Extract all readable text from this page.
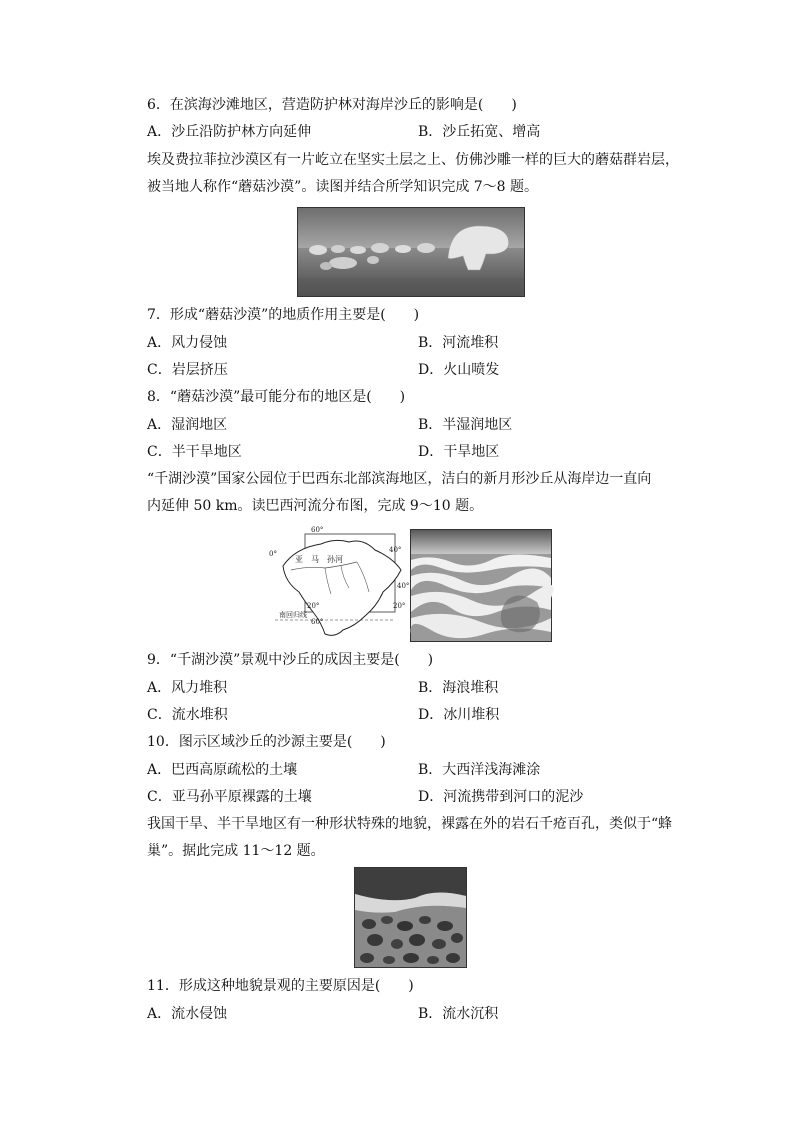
6．在滨海沙滩地区，营造防护林对海岸沙丘的影响是(　　)
A．沙丘沿防护林方向延伸	B．沙丘拓宽、增高
埃及费拉菲拉沙漠区有一片屹立在坚实土层之上、仿佛沙雕一样的巨大的蘑菇群岩层，
被当地人称作“蘑菇沙漠”。读图并结合所学知识完成 7～8 题。
7．形成“蘑菇沙漠”的地质作用主要是(　　)
A．风力侵蚀	B．河流堆积
C．岩层挤压	D．火山喷发
8．“蘑菇沙漠”最可能分布的地区是(　　)
A．湿润地区	B．半湿润地区
C．半干旱地区	D．干旱地区
“千湖沙漠”国家公园位于巴西东北部滨海地区，洁白的新月形沙丘从海岸边一直向
内延伸 50 km。读巴西河流分布图，完成 9～10 题。
60°
0°	40°
40°
20°	20°
60°
亚　马　孙河
南回归线
9．“千湖沙漠”景观中沙丘的成因主要是(　　)
A．风力堆积	B．海浪堆积
C．流水堆积	D．冰川堆积
10．图示区域沙丘的沙源主要是(　　)
A．巴西高原疏松的土壤	B．大西洋浅海滩涂
C．亚马孙平原裸露的土壤	D．河流携带到河口的泥沙
我国干旱、半干旱地区有一种形状特殊的地貌，裸露在外的岩石千疮百孔，类似于“蜂
巢”。据此完成 11～12 题。
11．形成这种地貌景观的主要原因是(　　)
A．流水侵蚀	B．流水沉积
